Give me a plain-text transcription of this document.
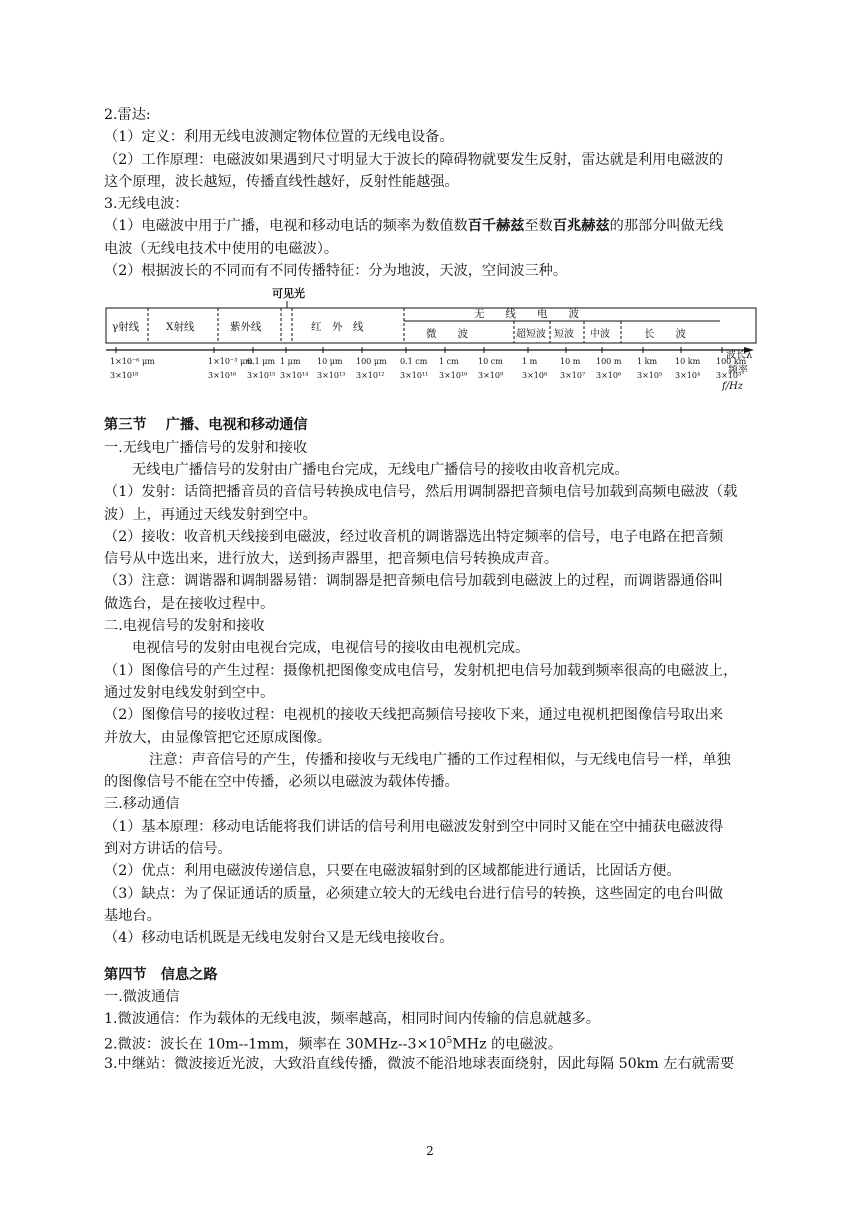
2.雷达:
（1）定义：利用无线电波测定物体位置的无线电设备。
（2）工作原理：电磁波如果遇到尺寸明显大于波长的障碍物就要发生反射，雷达就是利用电磁波的
这个原理，波长越短，传播直线性越好，反射性能越强。
3.无线电波：
（1）电磁波中用于广播，电视和移动电话的频率为数值数百千赫兹至数百兆赫兹的那部分叫做无线
电波（无线电技术中使用的电磁波）。
（2）根据波长的不同而有不同传播特征：分为地波，天波，空间波三种。
可见光
γ射线	X射线	紫外线	红　外　线
无　　线　　电　　波
微　　波	超短波 短波 中波	长　　波
1×10⁻⁶ μm	1×10⁻³ μm
0.1 μm 1 μm 10 μm 100 μm 0.1 cm 1 cm 10 cm 1 m	10 m 100 m 1 km 10 km 100 km
3×10¹⁸	3×10¹⁶ 3×10¹⁵ 3×10¹⁴ 3×10¹³ 3×10¹² 3×10¹¹ 3×10¹⁰ 3×10⁹ 3×10⁸ 3×10⁷ 3×10⁶ 3×10⁵ 3×10⁴ 3×10³
波长λ
频率
f/Hz
第三节　 广播、电视和移动通信
一.无线电广播信号的发射和接收
无线电广播信号的发射由广播电台完成，无线电广播信号的接收由收音机完成。
（1）发射：话筒把播音员的音信号转换成电信号，然后用调制器把音频电信号加载到高频电磁波（载
波）上，再通过天线发射到空中。
（2）接收：收音机天线接到电磁波，经过收音机的调谐器选出特定频率的信号，电子电路在把音频
信号从中选出来，进行放大，送到扬声器里，把音频电信号转换成声音。
（3）注意：调谐器和调制器易错：调制器是把音频电信号加载到电磁波上的过程，而调谐器通俗叫
做选台，是在接收过程中。
二.电视信号的发射和接收
电视信号的发射由电视台完成，电视信号的接收由电视机完成。
（1）图像信号的产生过程：摄像机把图像变成电信号，发射机把电信号加载到频率很高的电磁波上，
通过发射电线发射到空中。
（2）图像信号的接收过程：电视机的接收天线把高频信号接收下来，通过电视机把图像信号取出来
并放大，由显像管把它还原成图像。
注意：声音信号的产生，传播和接收与无线电广播的工作过程相似，与无线电信号一样，单独
的图像信号不能在空中传播，必须以电磁波为载体传播。
三.移动通信
（1）基本原理：移动电话能将我们讲话的信号利用电磁波发射到空中同时又能在空中捕获电磁波得
到对方讲话的信号。
（2）优点：利用电磁波传递信息，只要在电磁波辐射到的区域都能进行通话，比固话方便。
（3）缺点：为了保证通话的质量，必须建立较大的无线电台进行信号的转换，这些固定的电台叫做
基地台。
（4）移动电话机既是无线电发射台又是无线电接收台。
第四节　信息之路
一.微波通信
1.微波通信：作为载体的无线电波，频率越高，相同时间内传输的信息就越多。
2.微波：波长在 10m--1mm，频率在 $30MHz--3\times 10^5MHz$ 的电磁波。
3.中继站：微波接近光波，大致沿直线传播，微波不能沿地球表面绕射，因此每隔 50km 左右就需要
2
